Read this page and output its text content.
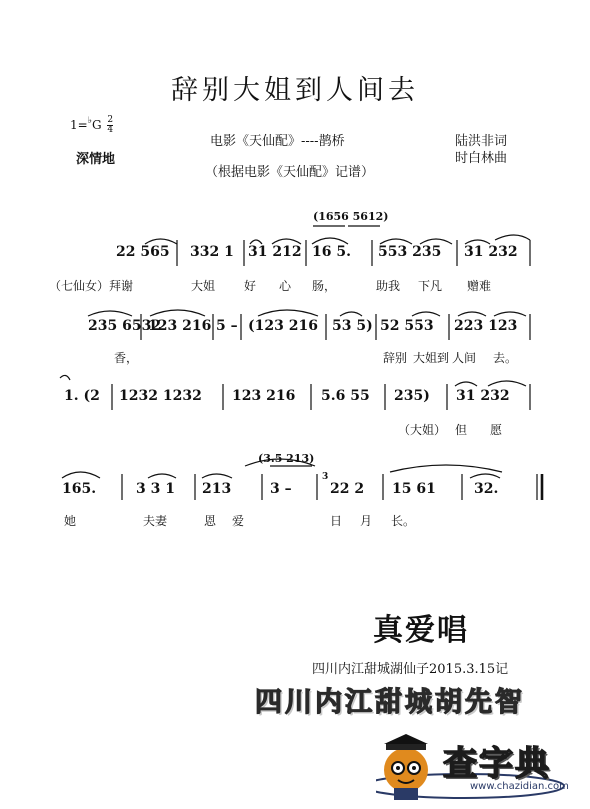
辞别大姐到人间去
$1=^♭G \frac{2}{4}$
深情地
电影《天仙配》----鹊桥
（根据电影《天仙配》记谱）
陆洪非词
时白林曲
(1656 5612)
22 565 332 1 31 212 16 5. 553 235 31 232
（七仙女）拜谢	大姐 好 心 肠，	助我 下凡 赠难
235 6532
123 216 5 – (123 216 53 5) 52 553 223 123
香，	辞别 大姐到 人间 去。
1. (2 1232 1232 123 216 5.6 55 235) 31 232
（大姐） 但 愿
(3.5 213)
3
165.	3 3 1 213	3 –	22 2 15 61	32.
她	夫妻	恩 爱	日 月 长。
真爱唱
四川内江甜城湖仙子2015.3.15记
四川内江甜城胡先智
查字典
www.chazidian.com
